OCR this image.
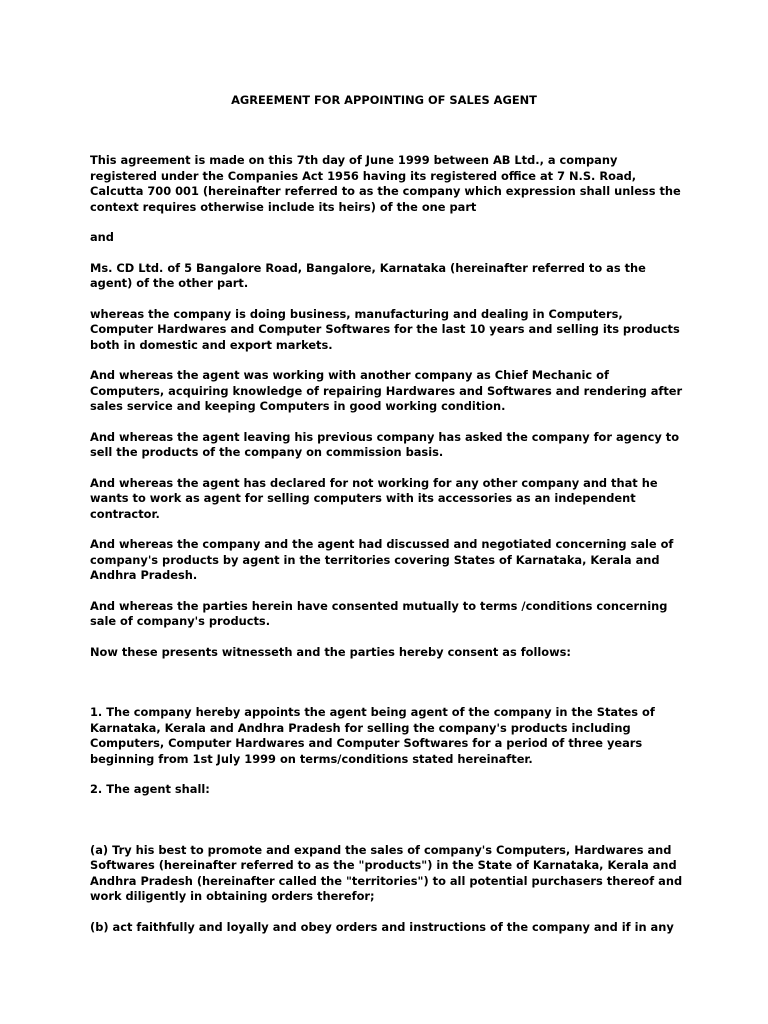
AGREEMENT FOR APPOINTING OF SALES AGENT
This agreement is made on this 7th day of June 1999 between AB Ltd., a company
registered under the Companies Act 1956 having its registered office at 7 N.S. Road,
Calcutta 700 001 (hereinafter referred to as the company which expression shall unless the
context requires otherwise include its heirs) of the one part
and
Ms. CD Ltd. of 5 Bangalore Road, Bangalore, Karnataka (hereinafter referred to as the
agent) of the other part.
whereas the company is doing business, manufacturing and dealing in Computers,
Computer Hardwares and Computer Softwares for the last 10 years and selling its products
both in domestic and export markets.
And whereas the agent was working with another company as Chief Mechanic of
Computers, acquiring knowledge of repairing Hardwares and Softwares and rendering after
sales service and keeping Computers in good working condition.
And whereas the agent leaving his previous company has asked the company for agency to
sell the products of the company on commission basis.
And whereas the agent has declared for not working for any other company and that he
wants to work as agent for selling computers with its accessories as an independent
contractor.
And whereas the company and the agent had discussed and negotiated concerning sale of
company's products by agent in the territories covering States of Karnataka, Kerala and
Andhra Pradesh.
And whereas the parties herein have consented mutually to terms /conditions concerning
sale of company's products.
Now these presents witnesseth and the parties hereby consent as follows:
1. The company hereby appoints the agent being agent of the company in the States of
Karnataka, Kerala and Andhra Pradesh for selling the company's products including
Computers, Computer Hardwares and Computer Softwares for a period of three years
beginning from 1st July 1999 on terms/conditions stated hereinafter.
2. The agent shall:
(a) Try his best to promote and expand the sales of company's Computers, Hardwares and
Softwares (hereinafter referred to as the "products") in the State of Karnataka, Kerala and
Andhra Pradesh (hereinafter called the "territories") to all potential purchasers thereof and
work diligently in obtaining orders therefor;
(b) act faithfully and loyally and obey orders and instructions of the company and if in any
